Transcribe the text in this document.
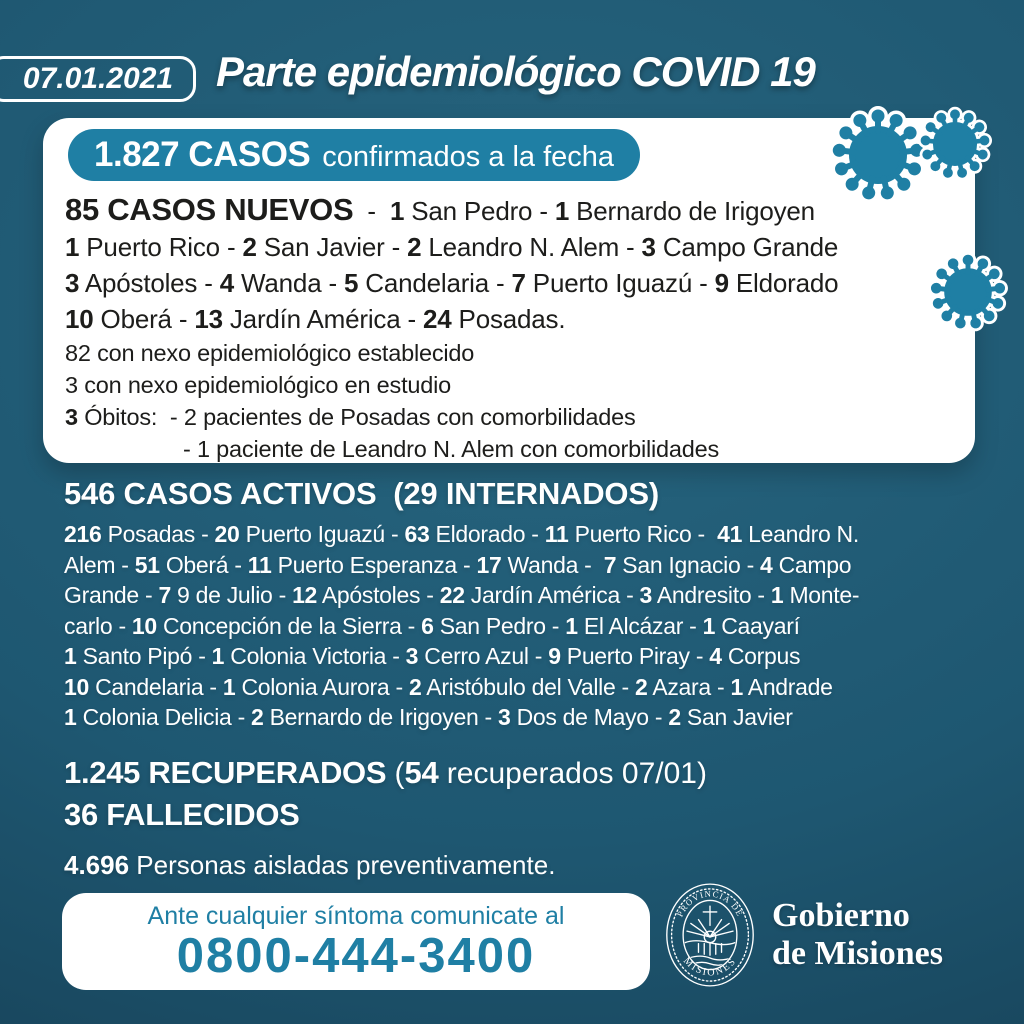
07.01.2021 Parte epidemiológico COVID 19
1.827 CASOS confirmados a la fecha
85 CASOS NUEVOS  -  1 San Pedro - 1 Bernardo de Irigoyen
1 Puerto Rico - 2 San Javier - 2 Leandro N. Alem - 3 Campo Grande
3 Apóstoles - 4 Wanda - 5 Candelaria - 7 Puerto Iguazú - 9 Eldorado
10 Oberá - 13 Jardín América - 24 Posadas.
82 con nexo epidemiológico establecido
3 con nexo epidemiológico en estudio
3 Óbitos:  - 2 pacientes de Posadas con comorbilidades
- 1 paciente de Leandro N. Alem con comorbilidades
546 CASOS ACTIVOS  (29 INTERNADOS)
216 Posadas - 20 Puerto Iguazú - 63 Eldorado - 11 Puerto Rico -  41 Leandro N.
Alem - 51 Oberá - 11 Puerto Esperanza - 17 Wanda -  7 San Ignacio - 4 Campo
Grande - 7 9 de Julio - 12 Apóstoles - 22 Jardín América - 3 Andresito - 1 Monte-
carlo - 10 Concepción de la Sierra - 6 San Pedro - 1 El Alcázar - 1 Caayarí
1 Santo Pipó - 1 Colonia Victoria - 3 Cerro Azul - 9 Puerto Piray - 4 Corpus
10 Candelaria - 1 Colonia Aurora - 2 Aristóbulo del Valle - 2 Azara - 1 Andrade
1 Colonia Delicia - 2 Bernardo de Irigoyen - 3 Dos de Mayo - 2 San Javier
1.245 RECUPERADOS (54 recuperados 07/01)
36 FALLECIDOS
4.696 Personas aisladas preventivamente.
Ante cualquier síntoma comunicate al
0800-444-3400
PROVINCIA DE
MISIONES
Gobierno
de Misiones
